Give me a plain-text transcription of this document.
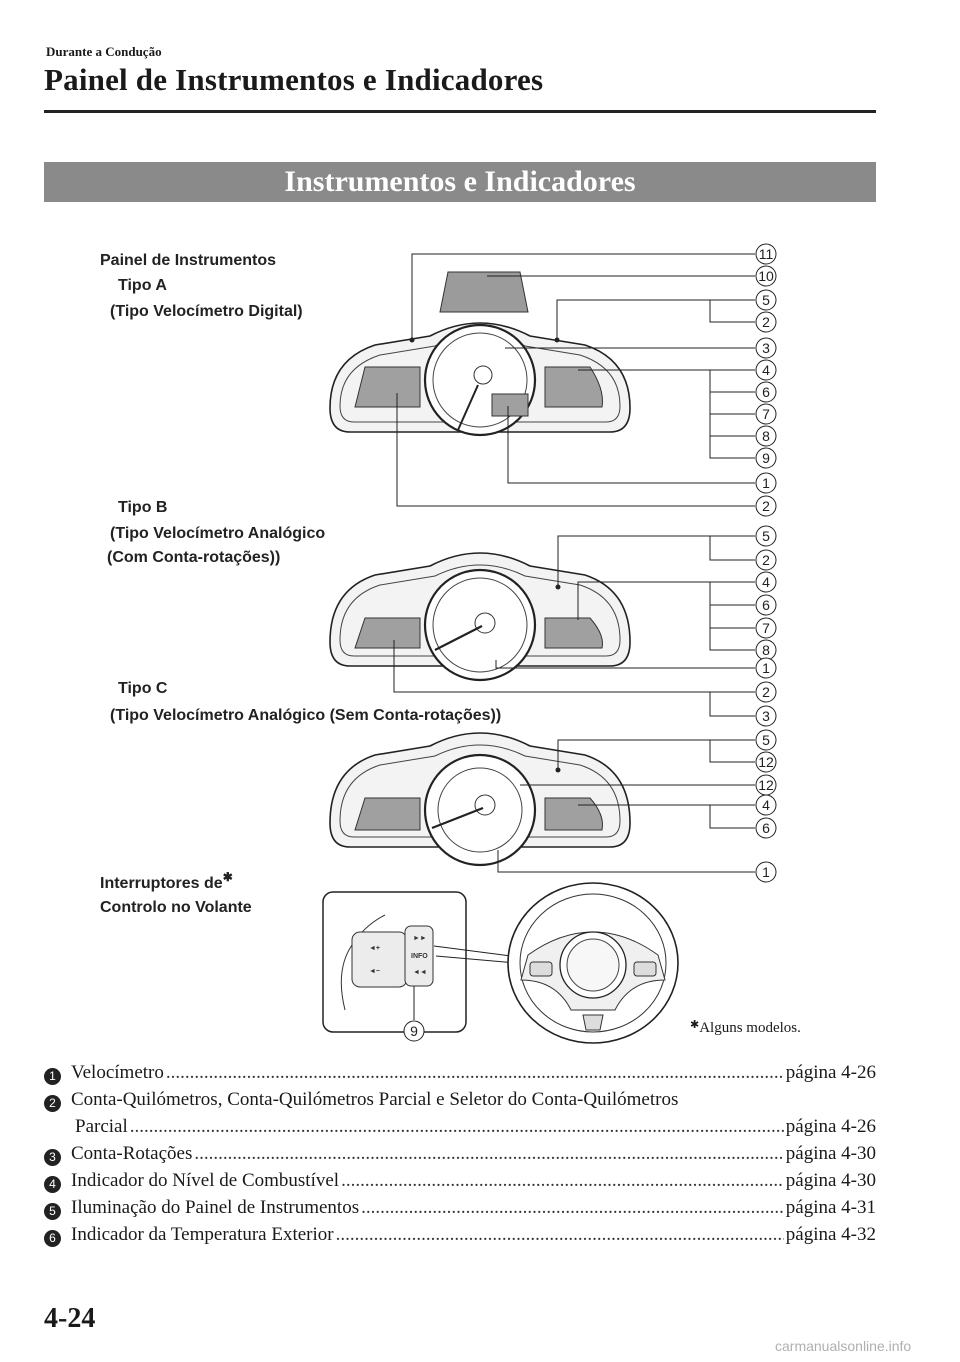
Durante a Condução
Painel de Instrumentos e Indicadores
Instrumentos e Indicadores
Painel de Instrumentos
Tipo A
(Tipo Velocímetro Digital)
Tipo B
(Tipo Velocímetro Analógico
(Com Conta-rotações))
Tipo C
(Tipo Velocímetro Analógico (Sem Conta-rotações))
Interruptores de✱
Controlo no Volante
◄+
◄−
►►
INFO
◄◄
11
10
5
2
3
4
6
7
8
9
1
2
5
2
4
6
7
8
1
2
3
5
12
12
4
6
1
9	✱Alguns modelos.
1 Velocímetro .....	página 4-26
2 Conta-Quilómetros, Conta-Quilómetros Parcial e Seletor do Conta-Quilómetros
Parcial .....	página 4-26
3 Conta-Rotações .....	página 4-30
4 Indicador do Nível de Combustível .....	página 4-30
5 Iluminação do Painel de Instrumentos .....	página 4-31
6 Indicador da Temperatura Exterior .....	página 4-32
4-24
carmanualsonline.info
